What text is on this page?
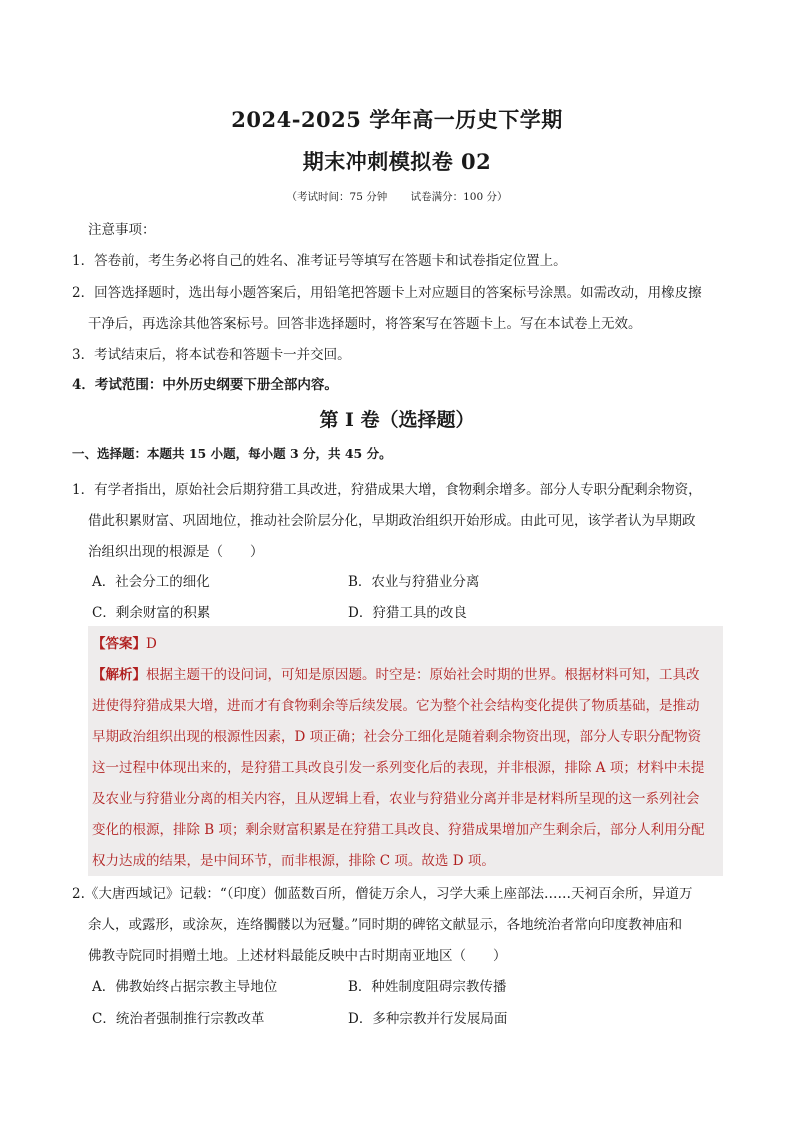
2024-2025 学年高一历史下学期
期末冲刺模拟卷 02
（考试时间：75 分钟 试卷满分：100 分）
注意事项：
1．答卷前，考生务必将自己的姓名、准考证号等填写在答题卡和试卷指定位置上。
2．回答选择题时，选出每小题答案后，用铅笔把答题卡上对应题目的答案标号涂黑。如需改动，用橡皮擦
干净后，再选涂其他答案标号。回答非选择题时，将答案写在答题卡上。写在本试卷上无效。
3．考试结束后，将本试卷和答题卡一并交回。
4．考试范围：中外历史纲要下册全部内容。
第 I 卷（选择题）
一、选择题：本题共 15 小题，每小题 3 分，共 45 分。
1．有学者指出，原始社会后期狩猎工具改进，狩猎成果大增，食物剩余增多。部分人专职分配剩余物资，
借此积累财富、巩固地位，推动社会阶层分化，早期政治组织开始形成。由此可见，该学者认为早期政
治组织出现的根源是（　　）
A．社会分工的细化	B．农业与狩猎业分离
C．剩余财富的积累	D．狩猎工具的改良
【答案】D
【解析】根据主题干的设问词，可知是原因题。时空是：原始社会时期的世界。根据材料可知，工具改
进使得狩猎成果大增，进而才有食物剩余等后续发展。它为整个社会结构变化提供了物质基础，是推动
早期政治组织出现的根源性因素，D 项正确；社会分工细化是随着剩余物资出现，部分人专职分配物资
这一过程中体现出来的，是狩猎工具改良引发一系列变化后的表现，并非根源，排除 A 项；材料中未提
及农业与狩猎业分离的相关内容，且从逻辑上看，农业与狩猎业分离并非是材料所呈现的这一系列社会
变化的根源，排除 B 项；剩余财富积累是在狩猎工具改良、狩猎成果增加产生剩余后，部分人利用分配
权力达成的结果，是中间环节，而非根源，排除 C 项。故选 D 项。
2.《大唐西域记》记载：“（印度）伽蓝数百所，僧徒万余人，习学大乘上座部法……天祠百余所，异道万
余人，或露形，或涂灰，连络髑髅以为冠鬘。”同时期的碑铭文献显示，各地统治者常向印度教神庙和
佛教寺院同时捐赠土地。上述材料最能反映中古时期南亚地区（　　）
A．佛教始终占据宗教主导地位	B．种姓制度阻碍宗教传播
C．统治者强制推行宗教改革	D．多种宗教并行发展局面
